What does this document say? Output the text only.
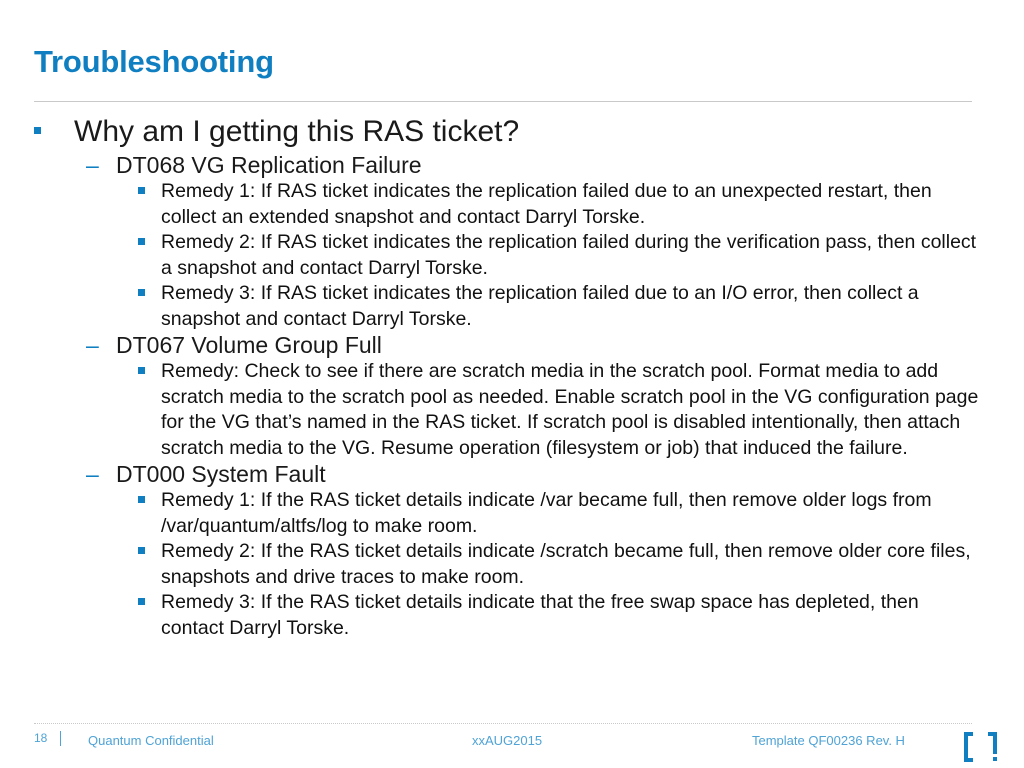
Troubleshooting
Why am I getting this RAS ticket?
– DT068 VG Replication Failure
Remedy 1: If RAS ticket indicates the replication failed due to an unexpected restart, then collect an extended snapshot and contact Darryl Torske.
Remedy 2: If RAS ticket indicates the replication failed during the verification pass, then collect a snapshot and contact Darryl Torske.
Remedy 3: If RAS ticket indicates the replication failed due to an I/O error, then collect a snapshot and contact Darryl Torske.
– DT067 Volume Group Full
Remedy: Check to see if there are scratch media in the scratch pool. Format media to add scratch media to the scratch pool as needed. Enable scratch pool in the VG configuration page for the VG that’s named in the RAS ticket. If scratch pool is disabled intentionally, then attach scratch media to the VG. Resume operation (filesystem or job) that induced the failure.
– DT000 System Fault
Remedy 1: If the RAS ticket details indicate /var became full, then remove older logs from /var/quantum/altfs/log to make room.
Remedy 2: If the RAS ticket details indicate /scratch became full, then remove older core files, snapshots and drive traces to make room.
Remedy 3: If the RAS ticket details indicate that the free swap space has depleted, then contact Darryl Torske.
18	Quantum Confidential	xxAUG2015	Template QF00236 Rev. H
